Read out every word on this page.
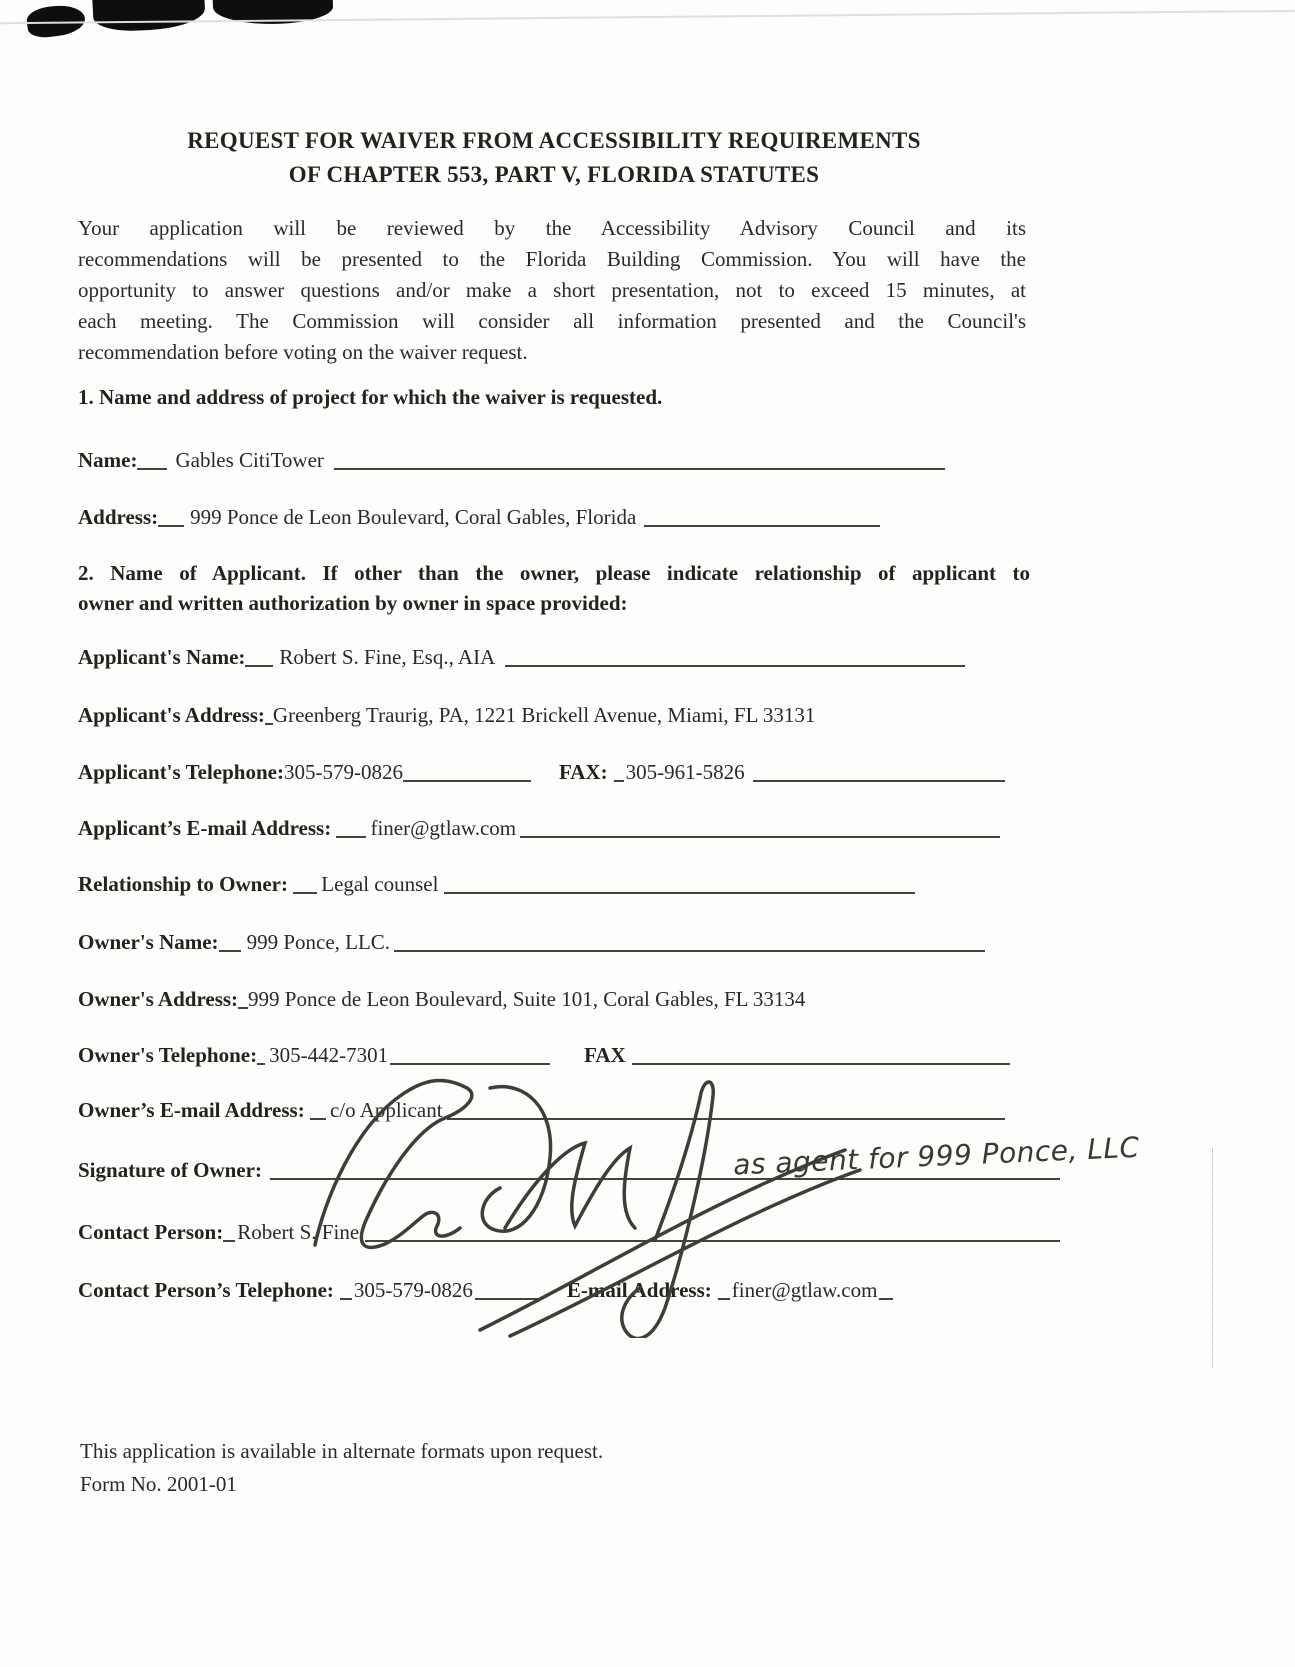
REQUEST FOR WAIVER FROM ACCESSIBILITY REQUIREMENTS
OF CHAPTER 553, PART V, FLORIDA STATUTES
Your application will be reviewed by the Accessibility Advisory Council and its
recommendations will be presented to the Florida Building Commission. You will have the
opportunity to answer questions and/or make a short presentation, not to exceed 15 minutes, at
each meeting. The Commission will consider all information presented and the Council's
recommendation before voting on the waiver request.
1. Name and address of project for which the waiver is requested.
Name:	Gables CitiTower
Address: 999 Ponce de Leon Boulevard, Coral Gables, Florida
2. Name of Applicant. If other than the owner, please indicate relationship of applicant to
owner and written authorization by owner in space provided:
Applicant's Name: Robert S. Fine, Esq., AIA
Applicant's Address: Greenberg Traurig, PA, 1221 Brickell Avenue, Miami, FL 33131
Applicant's Telephone: 305-579-0826	FAX: 305-961-5826
Applicant’s E-mail Address: finer@gtlaw.com
Relationship to Owner: Legal counsel
Owner's Name: 999 Ponce, LLC.
Owner's Address: 999 Ponce de Leon Boulevard, Suite 101, Coral Gables, FL 33134
Owner's Telephone: 305-442-7301	FAX
Owner’s E-mail Address: c/o Applicant
Signature of Owner:
Contact Person: Robert S. Fine
Contact Person’s Telephone: 305-579-0826	E-mail Address: finer@gtlaw.com
as agent for 999 Ponce, LLC
This application is available in alternate formats upon request.
Form No. 2001-01
